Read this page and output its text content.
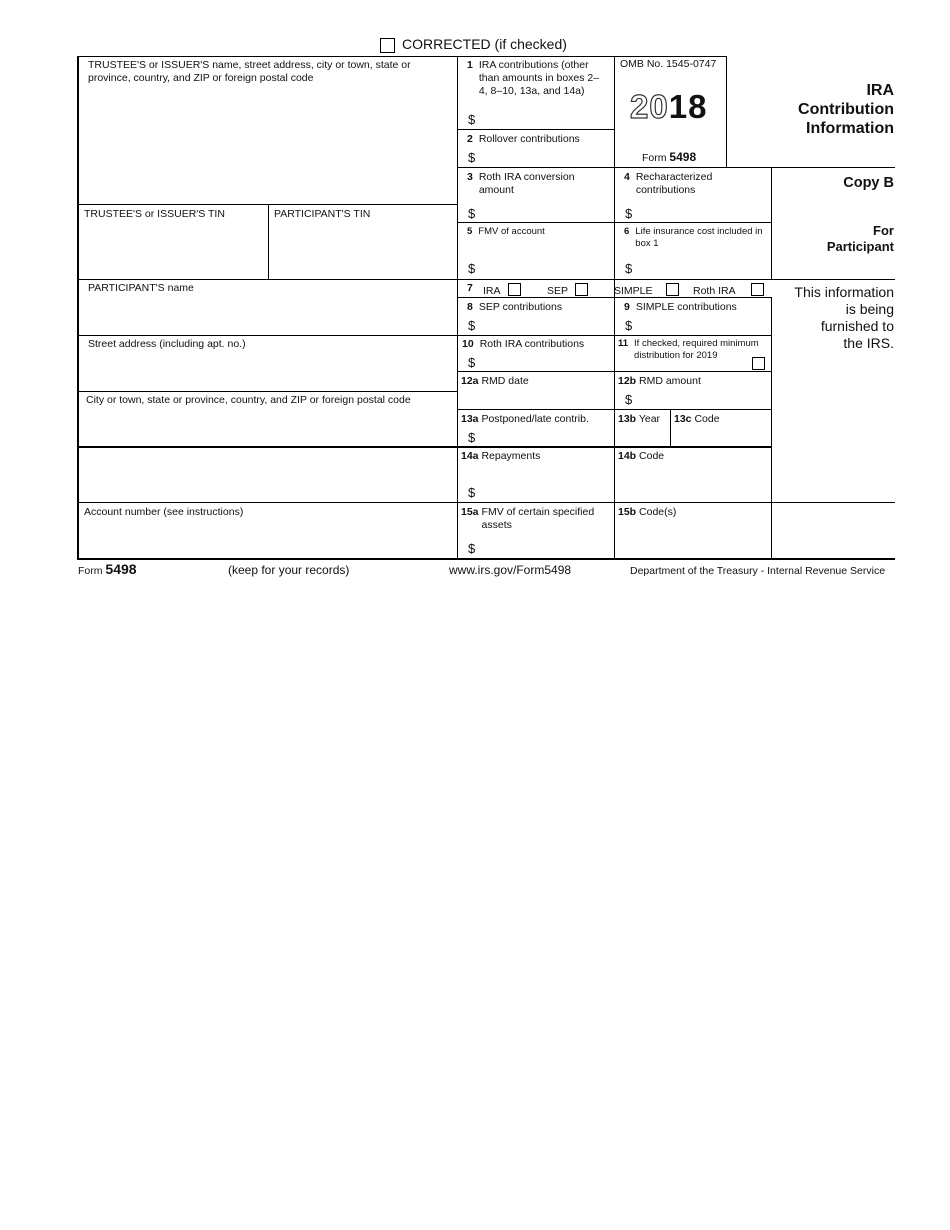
CORRECTED (if checked)
TRUSTEE'S or ISSUER'S name, street address, city or town, state or province, country, and ZIP or foreign postal code
TRUSTEE'S or ISSUER'S TIN	PARTICIPANT'S TIN
PARTICIPANT'S name
Street address (including apt. no.)
City or town, state or province, country, and ZIP or foreign postal code
Account number (see instructions)
1 IRA contributions (other than amounts in boxes 2–4, 8–10, 13a, and 14a)
$
2 Rollover contributions
$
OMB No. 1545-0747
2018
Form 5498
IRA
Contribution
Information
3 Roth IRA conversion amount
$
4 Recharacterized contributions
$
5 FMV of account
$
6 Life insurance cost included in box 1
$
7 IRA	SEP	SIMPLE	Roth IRA
8 SEP contributions
$
9 SIMPLE contributions
$
10 Roth IRA contributions
$
11 If checked, required minimum distribution for 2019
12a RMD date	12b RMD amount
$
13a Postponed/late contrib.
$
13b Year 13c Code
14a Repayments
$
14b Code
15a FMV of certain specified assets
$
15b Code(s)
Copy B
For
Participant
This information
is being
furnished to
the IRS.
Form 5498	(keep for your records)	www.irs.gov/Form5498	Department of the Treasury - Internal Revenue Service
